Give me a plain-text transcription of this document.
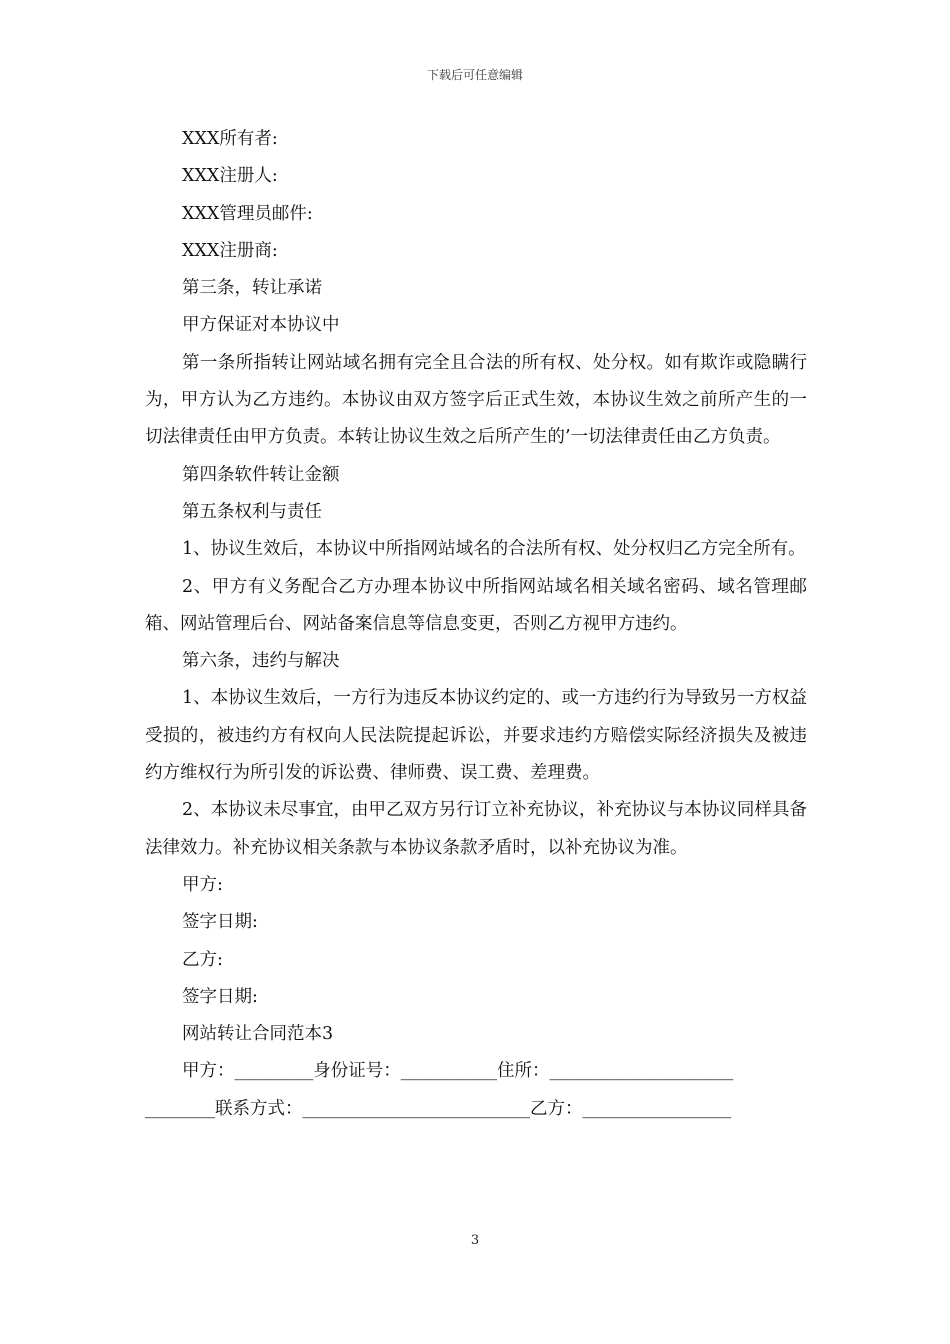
下载后可任意编辑

XXX所有者:

XXX注册人:

XXX管理员邮件:

XXX注册商:

第三条，转让承诺

甲方保证对本协议中

第一条所指转让网站域名拥有完全且合法的所有权、处分权。如有欺诈或隐瞒行为，甲方认为乙方违约。本协议由双方签字后正式生效，本协议生效之前所产生的一切法律责任由甲方负责。本转让协议生效之后所产生的’一切法律责任由乙方负责。

第四条软件转让金额

第五条权利与责任

1、协议生效后，本协议中所指网站域名的合法所有权、处分权归乙方完全所有。

2、甲方有义务配合乙方办理本协议中所指网站域名相关域名密码、域名管理邮箱、网站管理后台、网站备案信息等信息变更，否则乙方视甲方违约。

第六条，违约与解决

1、本协议生效后，一方行为违反本协议约定的、或一方违约行为导致另一方权益受损的，被违约方有权向人民法院提起诉讼，并要求违约方赔偿实际经济损失及被违约方维权行为所引发的诉讼费、律师费、误工费、差理费。

2、本协议未尽事宜，由甲乙双方另行订立补充协议，补充协议与本协议同样具备法律效力。补充协议相关条款与本协议条款矛盾时，以补充协议为准。

甲方:

签字日期:

乙方:

签字日期:

网站转让合同范本3

甲方：_________身份证号：___________住所：_____________________

________联系方式：__________________________乙方：_________________

3
